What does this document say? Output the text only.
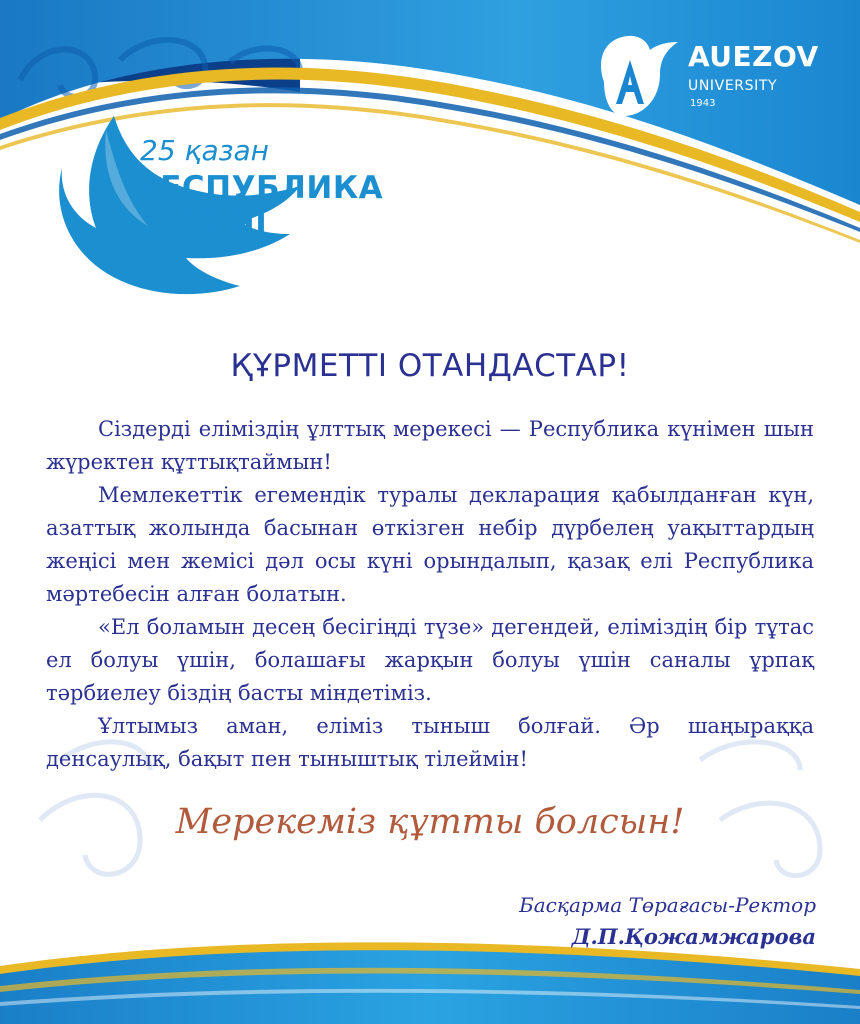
AUEZOV
UNIVERSITY
1943
25 қазан
РЕСПУБЛИКА
КҮНІ
ҚҰРМЕТТІ ОТАНДАСТАР!

Сіздерді еліміздің ұлттық мерекесі — Республика күнімен шын жүректен құттықтаймын!

Мемлекеттік егемендік туралы декларация қабылданған күн, азаттық жолында басынан өткізген небір дүрбелең уақыттардың жеңісі мен жемісі дәл осы күні орындалып, қазақ елі Республика мәртебесін алған болатын.

«Ел боламын десең бесігіңді түзе» дегендей, еліміздің бір тұтас ел болуы үшін, болашағы жарқын болуы үшін саналы ұрпақ тәрбиелеу біздің басты міндетіміз.

Ұлтымыз аман, еліміз тыныш болғай. Әр шаңыраққа денсаулық, бақыт пен тыныштық тілеймін!

Мерекеміз құтты болсын!
Басқарма Төрағасы-Ректор
Д.П.Қожамжарова
